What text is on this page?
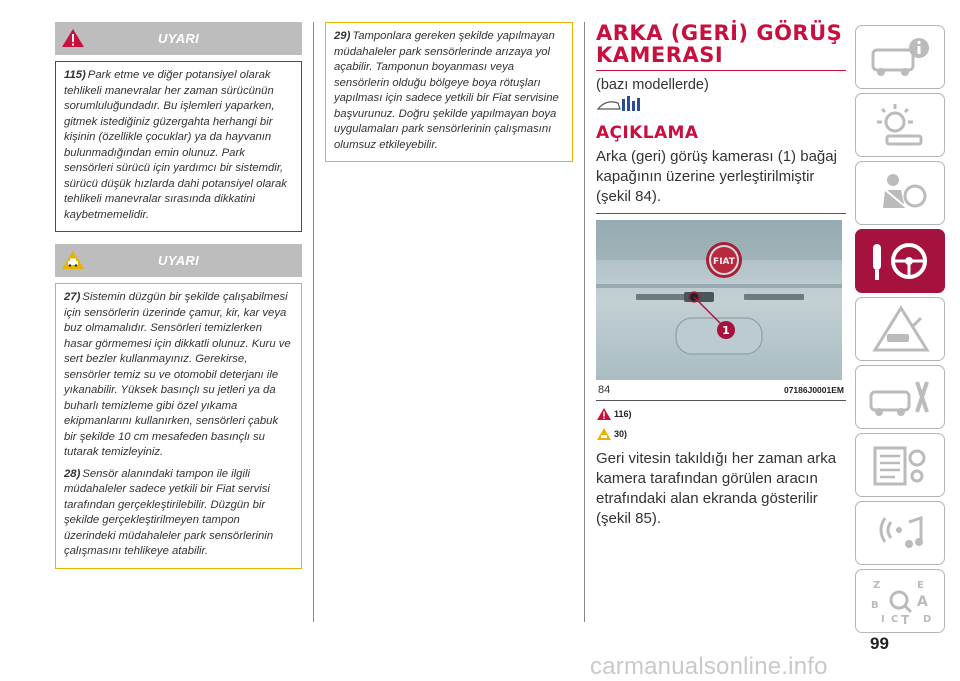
UYARI

115) Park etme ve diğer potansiyel olarak tehlikeli manevralar her zaman sürücünün sorumluluğundadır. Bu işlemleri yaparken, gitmek istediğiniz güzergahta herhangi bir kişinin (özellikle çocuklar) ya da hayvanın bulunmadığından emin olunuz. Park sensörleri sürücü için yardımcı bir sistemdir, sürücü düşük hızlarda dahi potansiyel olarak tehlikeli manevralar sırasında dikkatini kaybetmemelidir.

UYARI

27) Sistemin düzgün bir şekilde çalışabilmesi için sensörlerin üzerinde çamur, kir, kar veya buz olmamalıdır. Sensörleri temizlerken hasar görmemesi için dikkatli olunuz. Kuru ve sert bezler kullanmayınız. Gerekirse, sensörler temiz su ve otomobil deterjanı ile yıkanabilir. Yüksek basınçlı su jetleri ya da buharlı temizleme gibi özel yıkama ekipmanlarını kullanırken, sensörleri çabuk bir şekilde 10 cm mesafeden basınçlı su tutarak temizleyiniz.

28) Sensör alanındaki tampon ile ilgili müdahaleler sadece yetkili bir Fiat servisi tarafından gerçekleştirilebilir. Düzgün bir şekilde gerçekleştirilmeyen tampon üzerindeki müdahaleler park sensörlerinin çalışmasını tehlikeye atabilir.

29) Tamponlara gereken şekilde yapılmayan müdahaleler park sensörlerinde arızaya yol açabilir. Tamponun boyanması veya sensörlerin olduğu bölgeye boya rötuşları yapılması için sadece yetkili bir Fiat servisine başvurunuz. Doğru şekilde yapılmayan boya uygulamaları park sensörlerinin çalışmasını olumsuz etkileyebilir.

ARKA (GERİ) GÖRÜŞ KAMERASI

(bazı modellerde)

AÇIKLAMA

Arka (geri) görüş kamerası (1) bağaj kapağının üzerine yerleştirilmiştir (şekil 84).

FIAT
1
84	07186J0001EM
116)
30)

Geri vitesin takıldığı her zaman arka kamera tarafından görülen aracın etrafındaki alan ekranda gösterilir (şekil 85).

Z	E
B	A
C T D
I
99
carmanualsonline.info
